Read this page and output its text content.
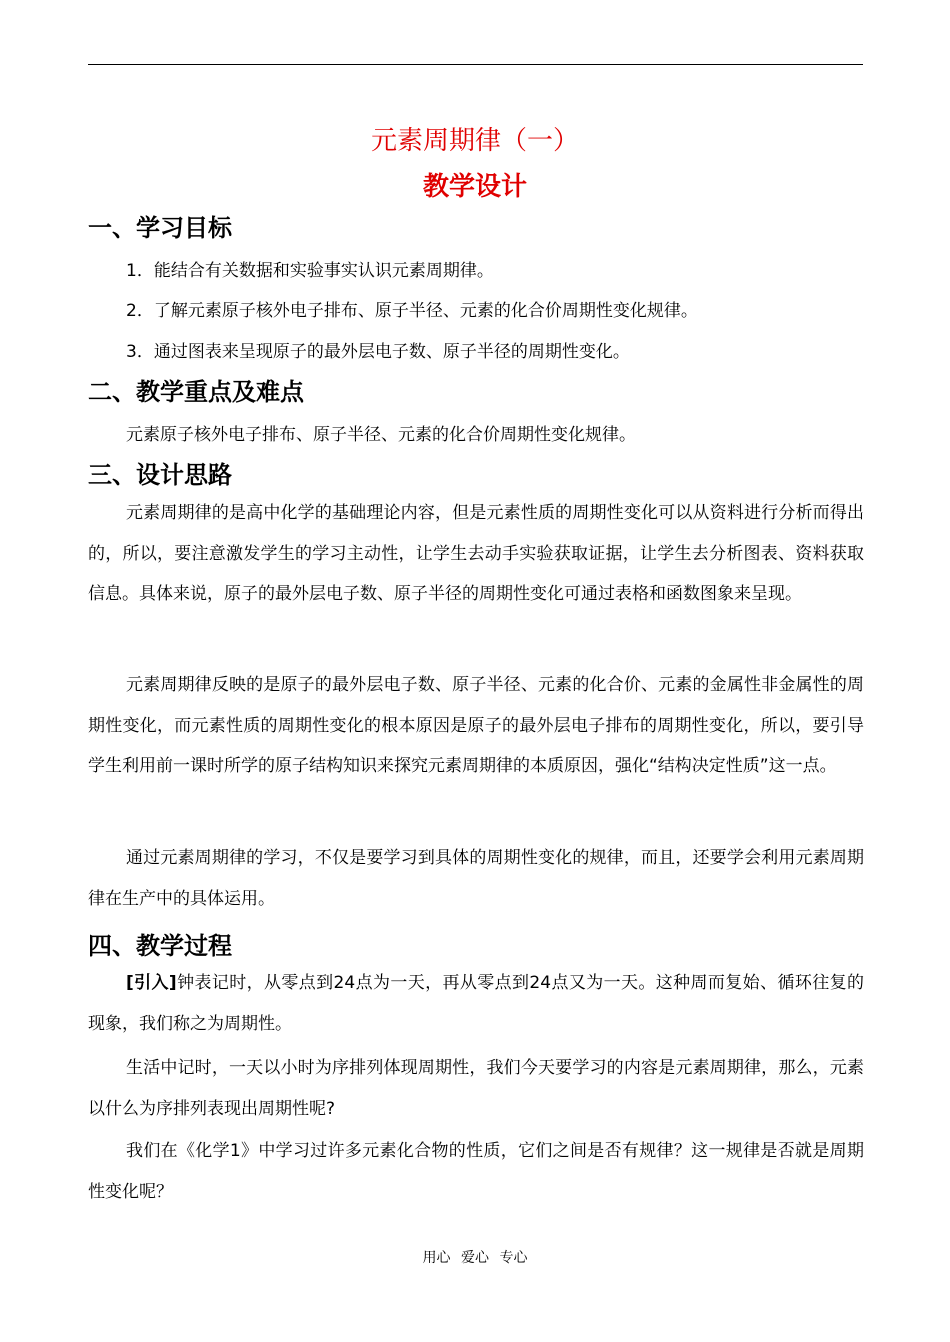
元素周期律（一）
教学设计
一、学习目标
1．能结合有关数据和实验事实认识元素周期律。
2．了解元素原子核外电子排布、原子半径、元素的化合价周期性变化规律。
3．通过图表来呈现原子的最外层电子数、原子半径的周期性变化。
二、教学重点及难点
元素原子核外电子排布、原子半径、元素的化合价周期性变化规律。
三、设计思路
元素周期律的是高中化学的基础理论内容，但是元素性质的周期性变化可以从资料进行分析而得出的，所以，要注意激发学生的学习主动性，让学生去动手实验获取证据，让学生去分析图表、资料获取信息。具体来说，原子的最外层电子数、原子半径的周期性变化可通过表格和函数图象来呈现。
元素周期律反映的是原子的最外层电子数、原子半径、元素的化合价、元素的金属性非金属性的周期性变化，而元素性质的周期性变化的根本原因是原子的最外层电子排布的周期性变化，所以，要引导学生利用前一课时所学的原子结构知识来探究元素周期律的本质原因，强化“结构决定性质”这一点。
通过元素周期律的学习，不仅是要学习到具体的周期性变化的规律，而且，还要学会利用元素周期律在生产中的具体运用。
四、教学过程
[引入]钟表记时，从零点到24点为一天，再从零点到24点又为一天。这种周而复始、循环往复的现象，我们称之为周期性。
生活中记时，一天以小时为序排列体现周期性，我们今天要学习的内容是元素周期律，那么，元素以什么为序排列表现出周期性呢?
我们在《化学1》中学习过许多元素化合物的性质，它们之间是否有规律？这一规律是否就是周期性变化呢？
用心 爱心 专心
